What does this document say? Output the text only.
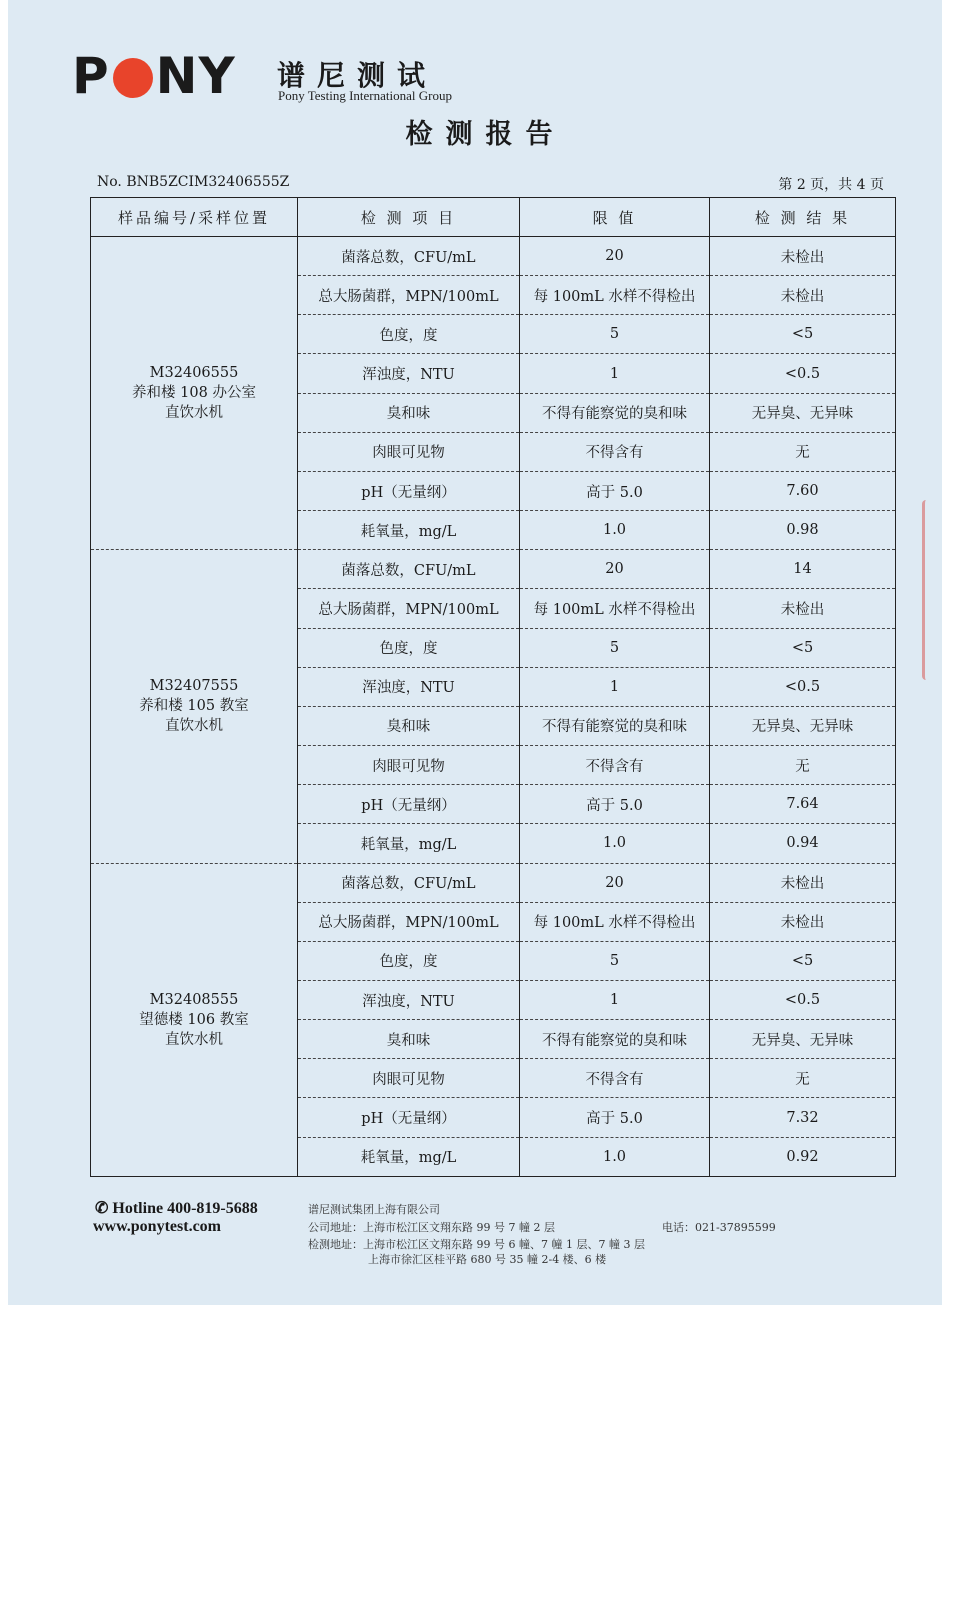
P NY 谱尼测试
Pony Testing International Group
检测报告
No. BNB5ZCIM32406555Z	第 2 页，共 4 页
样品编号/采样位置	检 测 项 目	限 值	检 测 结 果

M32406555
养和楼 108 办公室
直饮水机	菌落总数，CFU/mL	20	未检出
	总大肠菌群，MPN/100mL	每 100mL 水样不得检出	未检出
	色度，度	5	<5
	浑浊度，NTU	1	<0.5
	臭和味	不得有能察觉的臭和味	无异臭、无异味
	肉眼可见物	不得含有	无
	pH（无量纲）	高于 5.0	7.60
	耗氧量，mg/L	1.0	0.98

M32407555
养和楼 105 教室
直饮水机	菌落总数，CFU/mL	20	14
	总大肠菌群，MPN/100mL	每 100mL 水样不得检出	未检出
	色度，度	5	<5
	浑浊度，NTU	1	<0.5
	臭和味	不得有能察觉的臭和味	无异臭、无异味
	肉眼可见物	不得含有	无
	pH（无量纲）	高于 5.0	7.64
	耗氧量，mg/L	1.0	0.94

M32408555
望德楼 106 教室
直饮水机	菌落总数，CFU/mL	20	未检出
	总大肠菌群，MPN/100mL	每 100mL 水样不得检出	未检出
	色度，度	5	<5
	浑浊度，NTU	1	<0.5
	臭和味	不得有能察觉的臭和味	无异臭、无异味
	肉眼可见物	不得含有	无
	pH（无量纲）	高于 5.0	7.32
	耗氧量，mg/L	1.0	0.92
✆ Hotline 400-819-5688
www.ponytest.com
谱尼测试集团上海有限公司
公司地址：上海市松江区文翔东路 99 号 7 幢 2 层	电话：021-37895599
检测地址：上海市松江区文翔东路 99 号 6 幢、7 幢 1 层、7 幢 3 层
上海市徐汇区桂平路 680 号 35 幢 2-4 楼、6 楼
